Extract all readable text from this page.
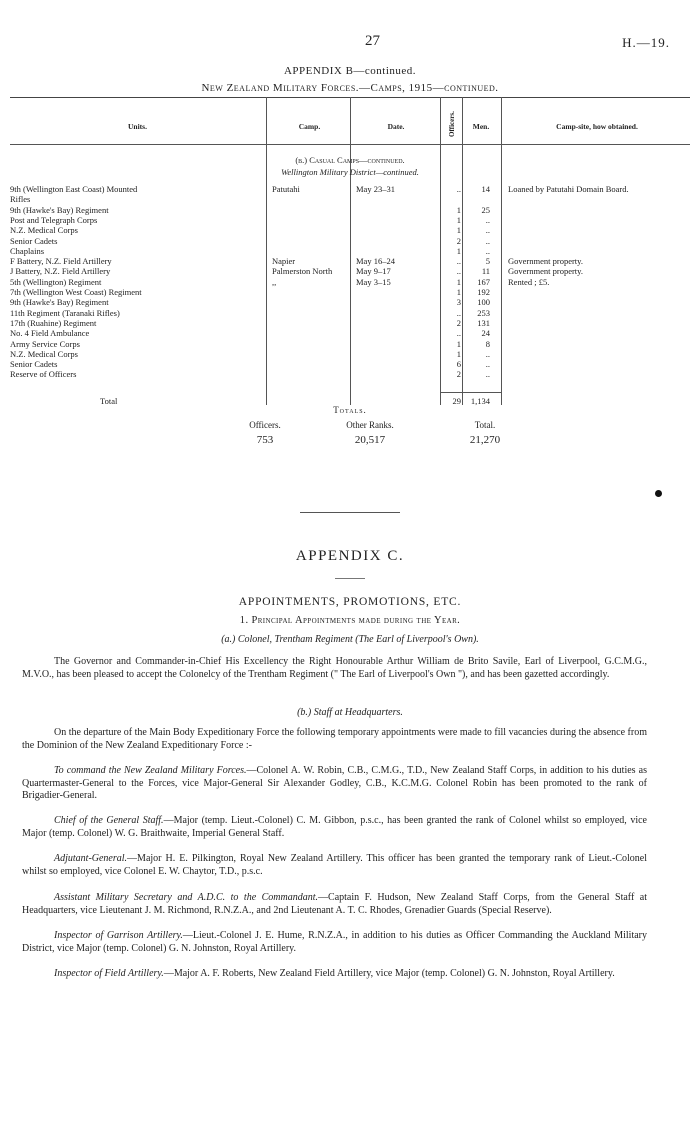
27	H.—19.
APPENDIX B—continued.
New Zealand Military Forces.—Camps, 1915—continued.
Units.	Camp.	Date.	Officers.	Men.	Camp-site, how obtained.
(b.) Casual Camps—continued.
Wellington Military District—continued.
9th (Wellington East Coast) Mounted	Patutahi	May 23–31	..	14 Loaned by Patutahi Domain Board.
Rifles
9th (Hawke's Bay) Regiment	1	25
Post and Telegraph Corps	1	..
N.Z. Medical Corps	1	..
Senior Cadets	2	..
Chaplains	1	..
F Battery, N.Z. Field Artillery	Napier	May 16–24	..	5 Government property.
J Battery, N.Z. Field Artillery	Palmerston North	May 9–17	..	11 Government property.
5th (Wellington) Regiment	,,	May 3–15	1	167 Rented ; £5.
7th (Wellington West Coast) Regiment	1	192
9th (Hawke's Bay) Regiment	3	100
11th Regiment (Taranaki Rifles)	..	253
17th (Ruahine) Regiment	2	131
No. 4 Field Ambulance	..	24
Army Service Corps	1	8
N.Z. Medical Corps	1	..
Senior Cadets	6	..
Reserve of Officers	2	..
Total	29	1,134
Totals.
Officers.	Other Ranks.	Total.
753	20,517	21,270
APPENDIX C.
APPOINTMENTS, PROMOTIONS, ETC.
1. Principal Appointments made during the Year.
(a.) Colonel, Trentham Regiment (The Earl of Liverpool's Own).
The Governor and Commander-in-Chief His Excellency the Right Honourable Arthur William de Brito Savile, Earl of Liverpool, G.C.M.G., M.V.O., has been pleased to accept the Colonelcy of the Trentham Regiment (" The Earl of Liverpool's Own "), and has been gazetted accordingly.
(b.) Staff at Headquarters.
On the departure of the Main Body Expeditionary Force the following temporary appointments were made to fill vacancies during the absence from the Dominion of the New Zealand Expeditionary Force :-
To command the New Zealand Military Forces.—Colonel A. W. Robin, C.B., C.M.G., T.D., New Zealand Staff Corps, in addition to his duties as Quartermaster-General to the Forces, vice Major-General Sir Alexander Godley, C.B., K.C.M.G. Colonel Robin has been promoted to the rank of Brigadier-General.
Chief of the General Staff.—Major (temp. Lieut.-Colonel) C. M. Gibbon, p.s.c., has been granted the rank of Colonel whilst so employed, vice Major (temp. Colonel) W. G. Braithwaite, Imperial General Staff.
Adjutant-General.—Major H. E. Pilkington, Royal New Zealand Artillery. This officer has been granted the temporary rank of Lieut.-Colonel whilst so employed, vice Colonel E. W. Chaytor, T.D., p.s.c.
Assistant Military Secretary and A.D.C. to the Commandant.—Captain F. Hudson, New Zealand Staff Corps, from the General Staff at Headquarters, vice Lieutenant J. M. Richmond, R.N.Z.A., and 2nd Lieutenant A. T. C. Rhodes, Grenadier Guards (Special Reserve).
Inspector of Garrison Artillery.—Lieut.-Colonel J. E. Hume, R.N.Z.A., in addition to his duties as Officer Commanding the Auckland Military District, vice Major (temp. Colonel) G. N. Johnston, Royal Artillery.
Inspector of Field Artillery.—Major A. F. Roberts, New Zealand Field Artillery, vice Major (temp. Colonel) G. N. Johnston, Royal Artillery.
